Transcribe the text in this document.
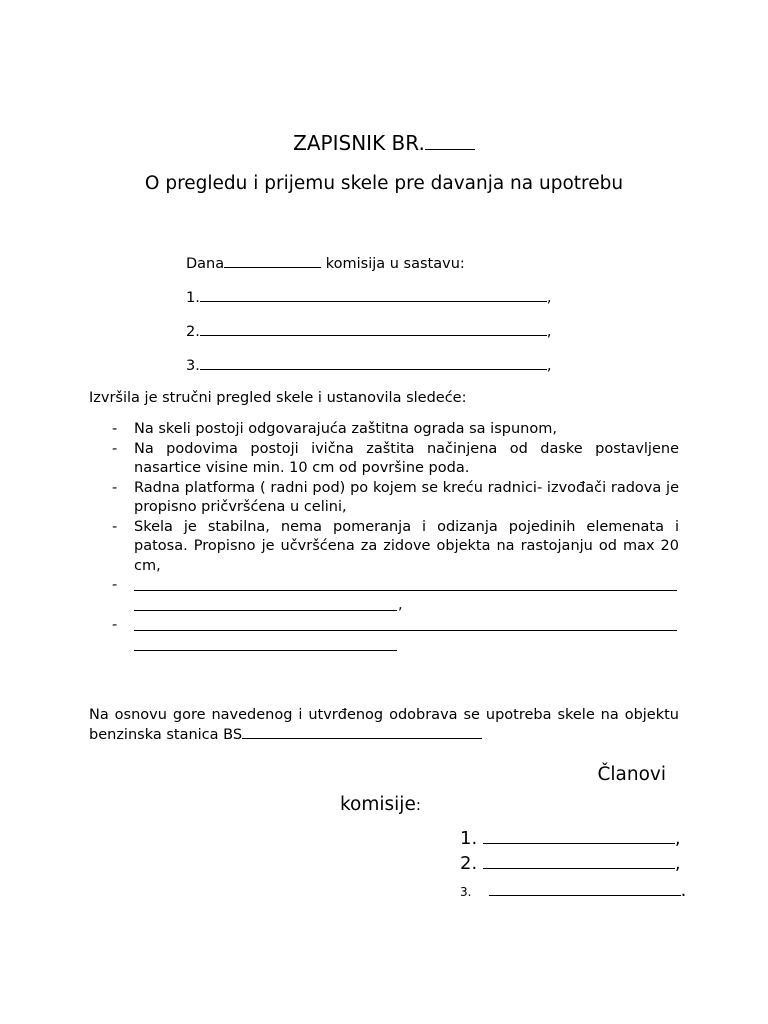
ZAPISNIK BR.
O pregledu i prijemu skele pre davanja na upotrebu
Dana	komisija u sastavu:
1.	,
2.	,
3.	,
Izvršila je stručni pregled skele i ustanovila sledeće:
- Na skeli postoji odgovarajuća zaštitna ograda sa ispunom,
- Na podovima postoji ivična zaštita načinjena od daske postavljene nasartice visine min. 10 cm od površine poda.
- Radna platforma ( radni pod) po kojem se kreću radnici- izvođači radova je propisno pričvršćena u celini,
- Skela je stabilna, nema pomeranja i odizanja pojedinih elemenata i patosa. Propisno je učvršćena za zidove objekta na rastojanju od max 20 cm,
-
,
-
Na osnovu gore navedenog i utvrđenog odobrava se upotreba skele na objektu benzinska stanica BS
Članovi
komisije:
1.	,
2.	,
3.	.
